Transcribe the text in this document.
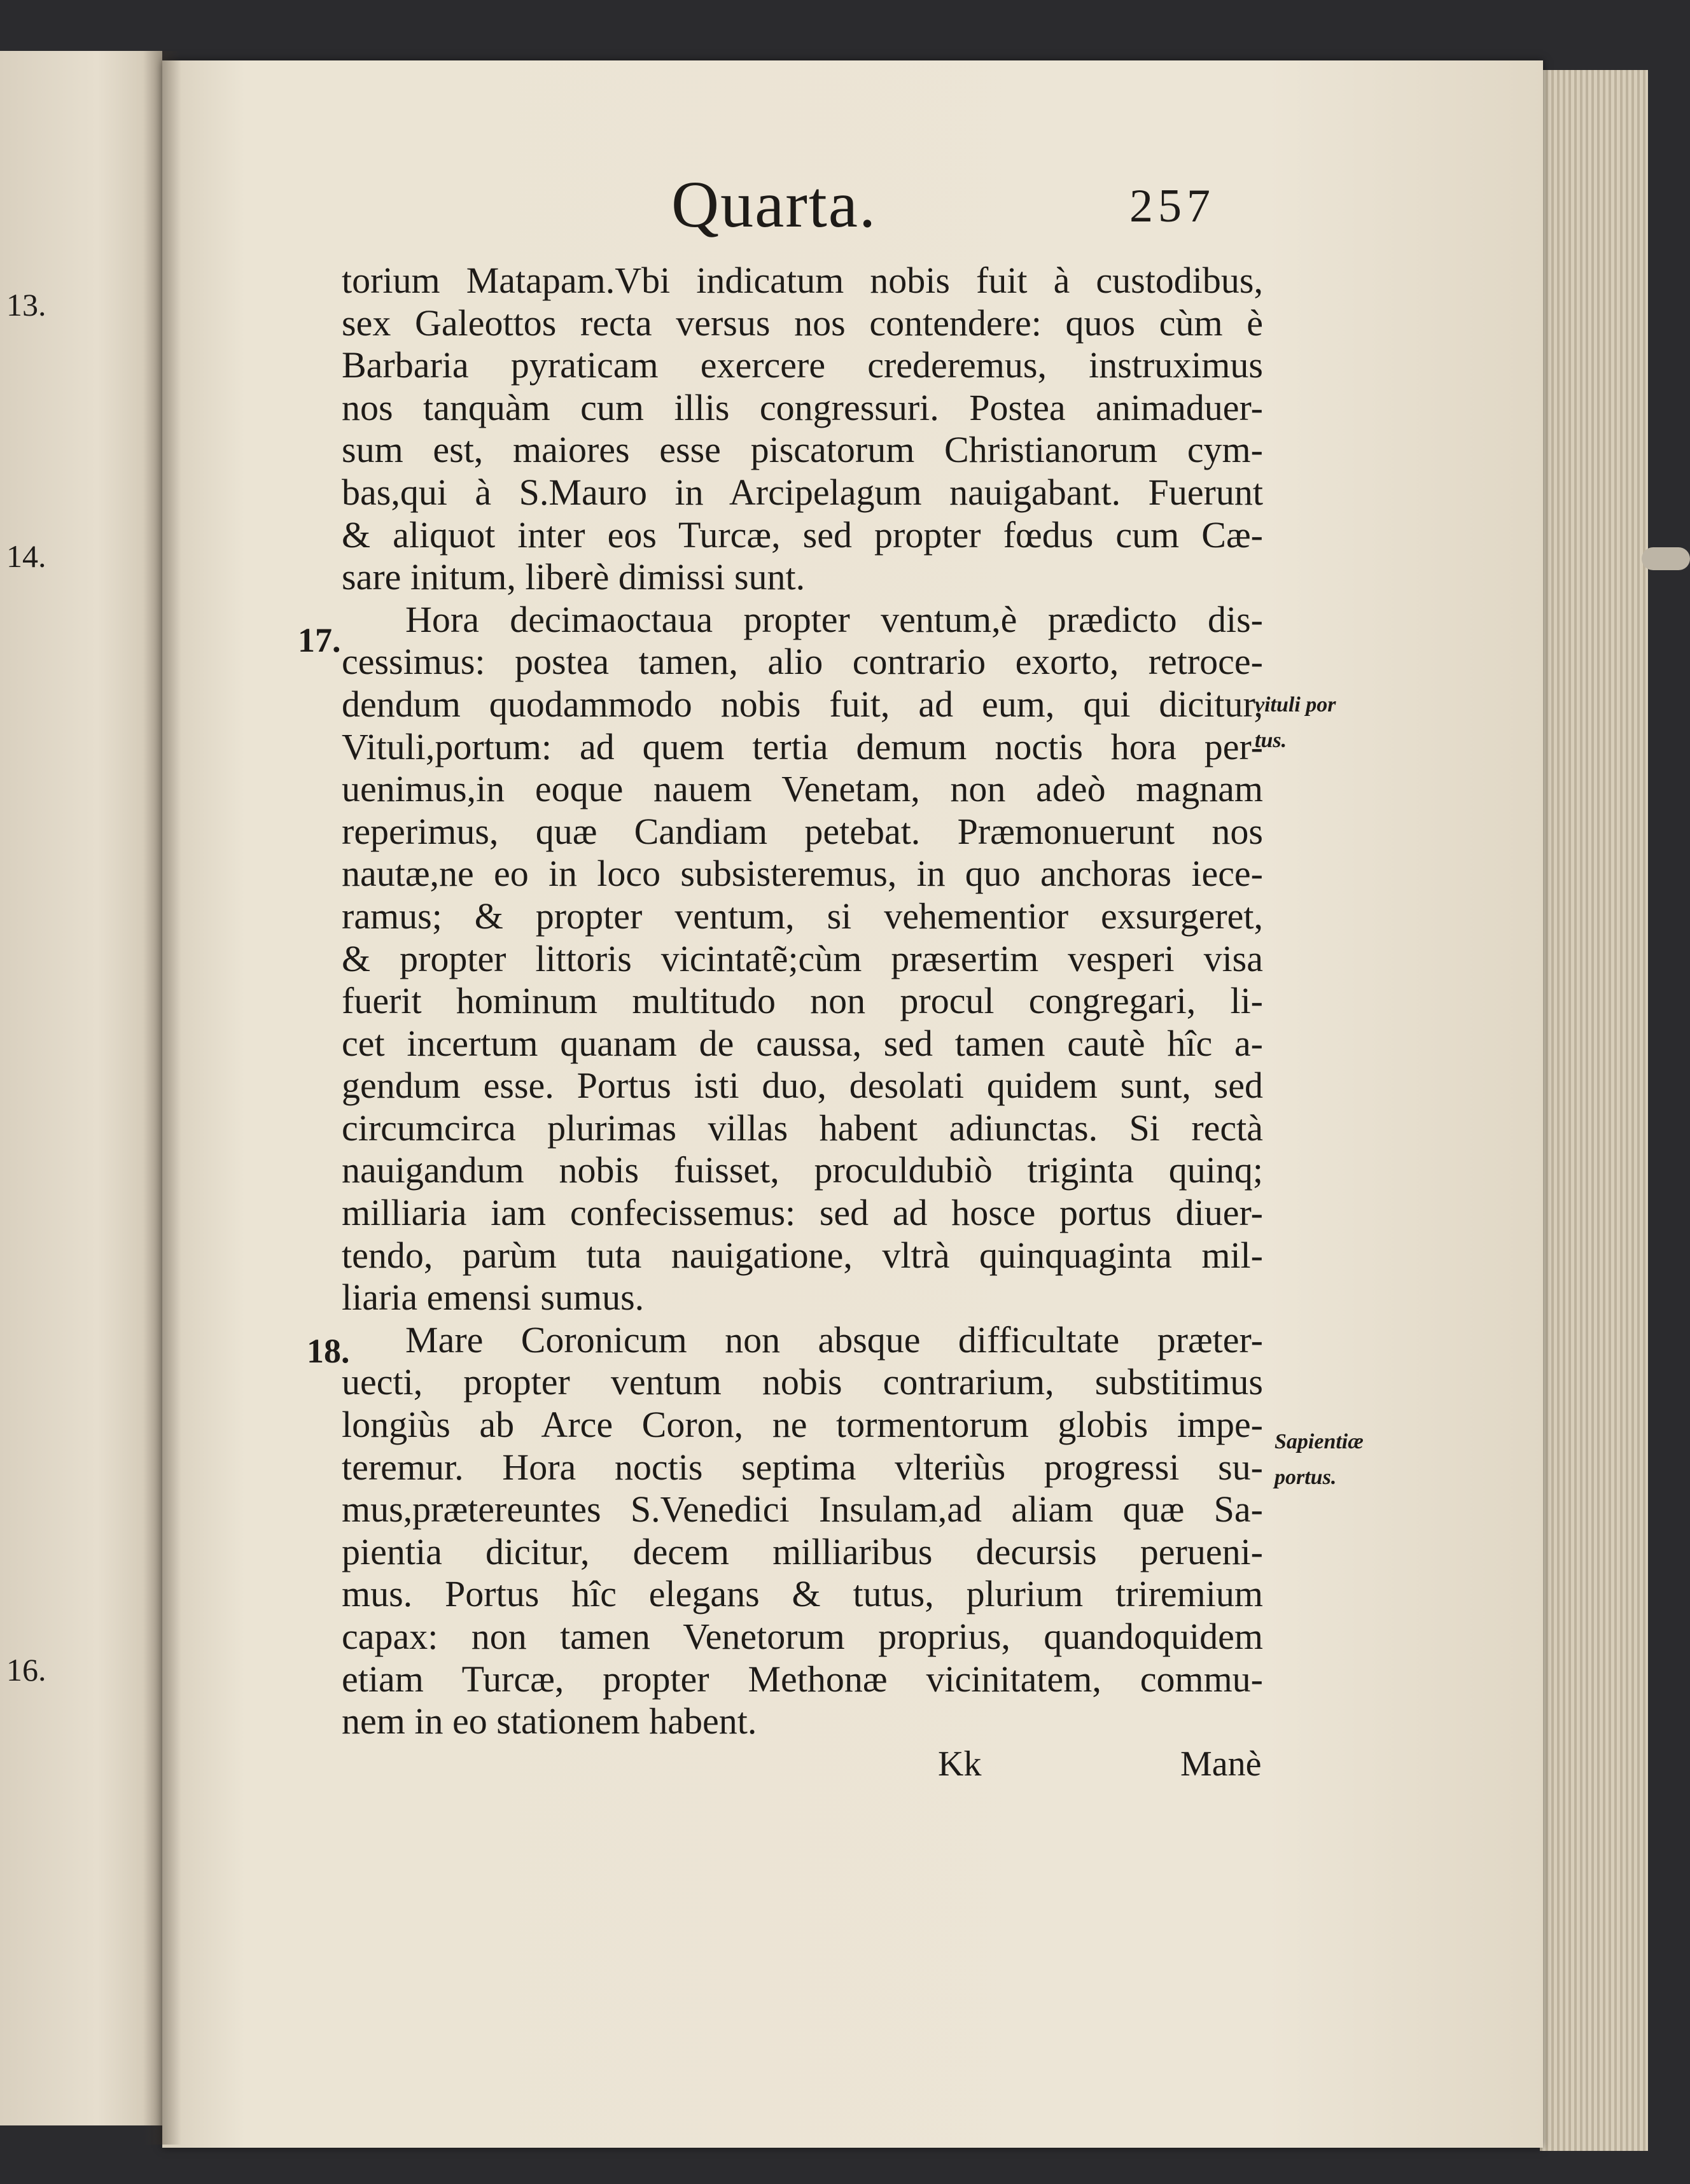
13.
14.
16.
Quarta.	257
17.
18.
vituli por
tus.
Sapientiæ
portus.
torium Matapam.Vbi indicatum nobis fuit à custodibus,
sex Galeottos recta versus nos contendere: quos cùm è
Barbaria pyraticam exercere crederemus, instruximus
nos tanquàm cum illis congressuri. Postea animaduer-
sum est, maiores esse piscatorum Christianorum cym-
bas,qui à S.Mauro in Arcipelagum nauigabant. Fuerunt
& aliquot inter eos Turcæ, sed propter fœdus cum Cæ-
sare initum, liberè dimissi sunt.
Hora decimaoctaua propter ventum,è prædicto dis-
cessimus: postea tamen, alio contrario exorto, retroce-
dendum quodammodo nobis fuit, ad eum, qui dicitur,
Vituli,portum: ad quem tertia demum noctis hora per-
uenimus,in eoque nauem Venetam, non adeò magnam
reperimus, quæ Candiam petebat. Præmonuerunt nos
nautæ,ne eo in loco subsisteremus, in quo anchoras iece-
ramus; & propter ventum, si vehementior exsurgeret,
& propter littoris vicintatẽ;cùm præsertim vesperi visa
fuerit hominum multitudo non procul congregari, li-
cet incertum quanam de caussa, sed tamen cautè hîc a-
gendum esse. Portus isti duo, desolati quidem sunt, sed
circumcirca plurimas villas habent adiunctas. Si rectà
nauigandum nobis fuisset, proculdubiò triginta quinq;
milliaria iam confecissemus: sed ad hosce portus diuer-
tendo, parùm tuta nauigatione, vltrà quinquaginta mil-
liaria emensi sumus.
Mare Coronicum non absque difficultate præter-
uecti, propter ventum nobis contrarium, substitimus
longiùs ab Arce Coron, ne tormentorum globis impe-
teremur. Hora noctis septima vlteriùs progressi su-
mus,prætereuntes S.Venedici Insulam,ad aliam quæ Sa-
pientia dicitur, decem milliaribus decursis perueni-
mus. Portus hîc elegans & tutus, plurium triremium
capax: non tamen Venetorum proprius, quandoquidem
etiam Turcæ, propter Methonæ vicinitatem, commu-
nem in eo stationem habent.
Kk	Manè
